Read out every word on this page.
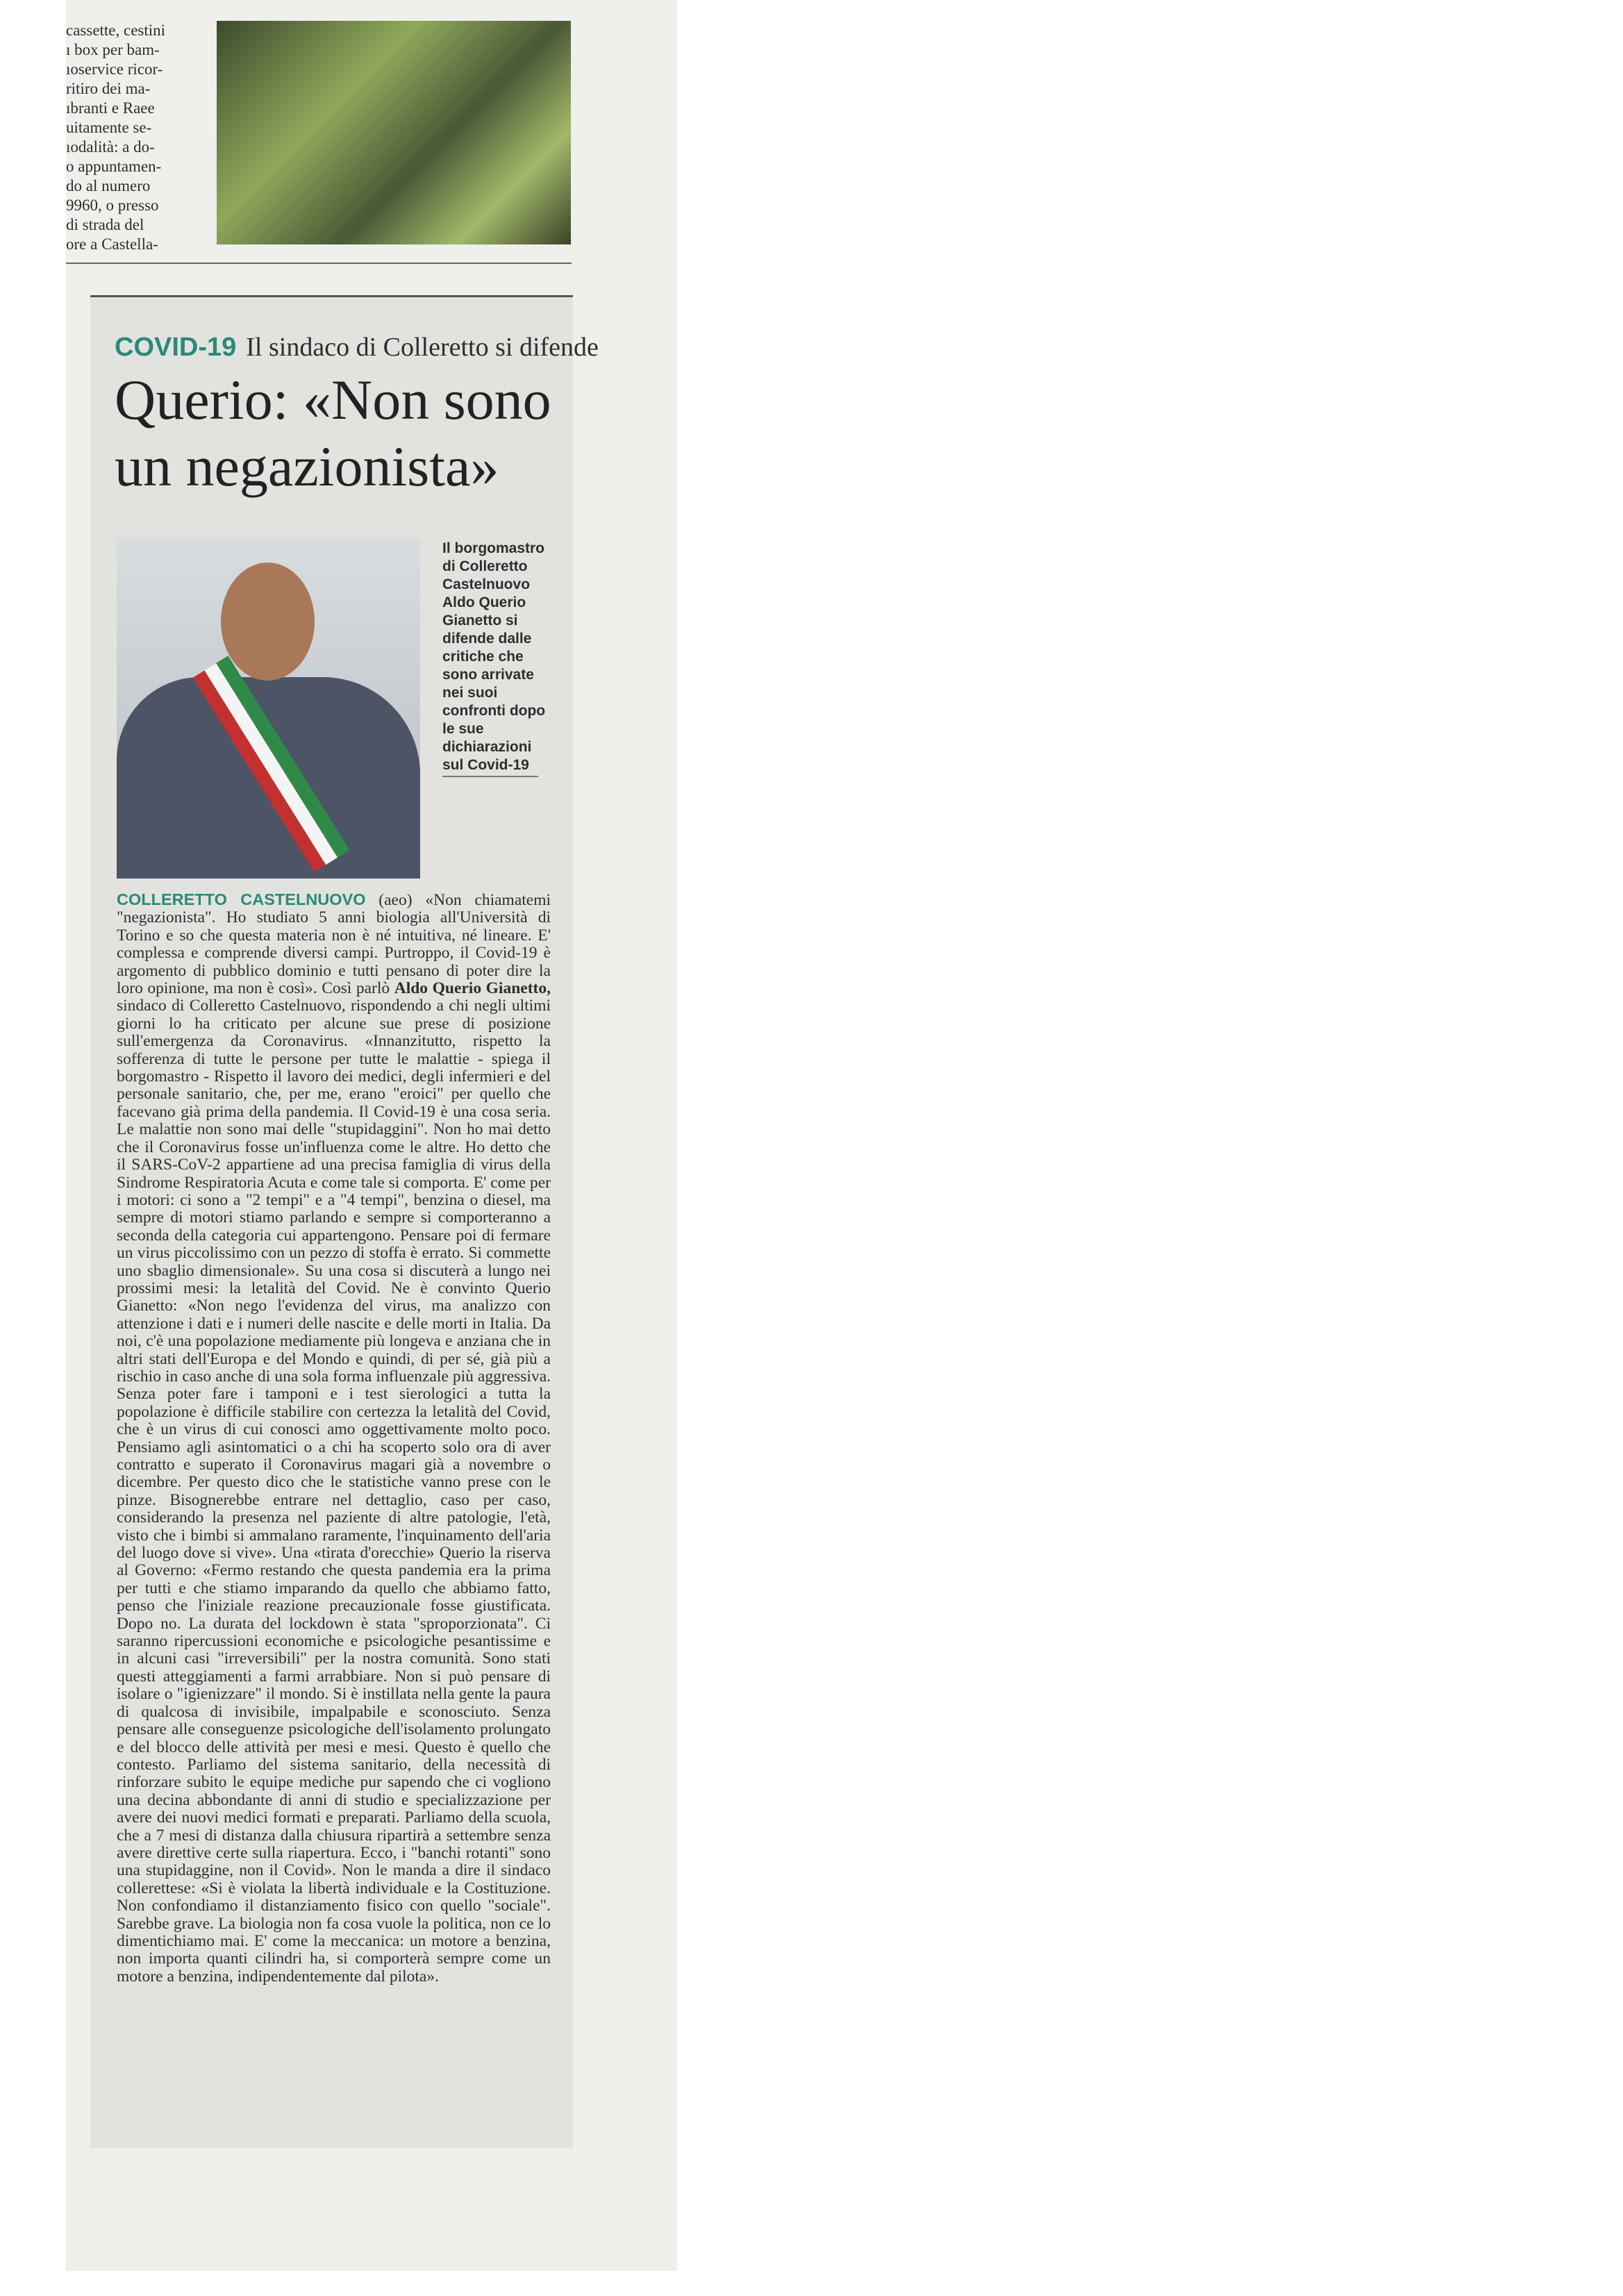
cassette, cestini
ı box per bam-
ıoservice ricor-
ritiro dei ma-
ıbranti e Raee
uitamente se-
ıodalità: a do-
o appuntamen-
do al numero
9960, o presso
di strada del
ore a Castella-
COVID-19 Il sindaco di Colleretto si difende
Querio: «Non sono un negazionista»
Il borgomastro di Colleretto Castelnuovo Aldo Querio Gianetto si difende dalle critiche che sono arrivate nei suoi confronti dopo le sue dichiarazioni sul Covid-19
COLLERETTO CASTELNUOVO (aeo) «Non chiamatemi "negazionista". Ho studiato 5 anni biologia all'Università di Torino e so che questa materia non è né intuitiva, né lineare. E' complessa e comprende diversi campi. Purtroppo, il Covid-19 è argomento di pubblico dominio e tutti pensano di poter dire la loro opinione, ma non è così». Così parlò Aldo Querio Gianetto, sindaco di Colleretto Castelnuovo, rispondendo a chi negli ultimi giorni lo ha criticato per alcune sue prese di posizione sull'emergenza da Coronavirus. «Innanzitutto, rispetto la sofferenza di tutte le persone per tutte le malattie - spiega il borgomastro - Rispetto il lavoro dei medici, degli infermieri e del personale sanitario, che, per me, erano "eroici" per quello che facevano già prima della pandemia. Il Covid-19 è una cosa seria. Le malattie non sono mai delle "stupidaggini". Non ho mai detto che il Coronavirus fosse un'influenza come le altre. Ho detto che il SARS-CoV-2 appartiene ad una precisa famiglia di virus della Sindrome Respiratoria Acuta e come tale si comporta. E' come per i motori: ci sono a "2 tempi" e a "4 tempi", benzina o diesel, ma sempre di motori stiamo parlando e sempre si comporteranno a seconda della categoria cui appartengono. Pensare poi di fermare un virus piccolissimo con un pezzo di stoffa è errato. Si commette uno sbaglio dimensionale». Su una cosa si discuterà a lungo nei prossimi mesi: la letalità del Covid. Ne è convinto Querio Gianetto: «Non nego l'evidenza del virus, ma analizzo con attenzione i dati e i numeri delle nascite e delle morti in Italia. Da noi, c'è una popolazione mediamente più longeva e anziana che in altri stati dell'Europa e del Mondo e quindi, di per sé, già più a rischio in caso anche di una sola forma influenzale più aggressiva. Senza poter fare i tamponi e i test sierologici a tutta la popolazione è difficile stabilire con certezza la letalità del Covid, che è un virus di cui conosci amo oggettivamente molto poco. Pensiamo agli asintomatici o a chi ha scoperto solo ora di aver contratto e superato il Coronavirus magari già a novembre o dicembre. Per questo dico che le statistiche vanno prese con le pinze. Bisognerebbe entrare nel dettaglio, caso per caso, considerando la presenza nel paziente di altre patologie, l'età, visto che i bimbi si ammalano raramente, l'inquinamento dell'aria del luogo dove si vive». Una «tirata d'orecchie» Querio la riserva al Governo: «Fermo restando che questa pandemia era la prima per tutti e che stiamo imparando da quello che abbiamo fatto, penso che l'iniziale reazione precauzionale fosse giustificata. Dopo no. La durata del lockdown è stata "sproporzionata". Ci saranno ripercussioni economiche e psicologiche pesantissime e in alcuni casi "irreversibili" per la nostra comunità. Sono stati questi atteggiamenti a farmi arrabbiare. Non si può pensare di isolare o "igienizzare" il mondo. Si è instillata nella gente la paura di qualcosa di invisibile, impalpabile e sconosciuto. Senza pensare alle conseguenze psicologiche dell'isolamento prolungato e del blocco delle attività per mesi e mesi. Questo è quello che contesto. Parliamo del sistema sanitario, della necessità di rinforzare subito le equipe mediche pur sapendo che ci vogliono una decina abbondante di anni di studio e specializzazione per avere dei nuovi medici formati e preparati. Parliamo della scuola, che a 7 mesi di distanza dalla chiusura ripartirà a settembre senza avere direttive certe sulla riapertura. Ecco, i "banchi rotanti" sono una stupidaggine, non il Covid». Non le manda a dire il sindaco collerettese: «Si è violata la libertà individuale e la Costituzione. Non confondiamo il distanziamento fisico con quello "sociale". Sarebbe grave. La biologia non fa cosa vuole la politica, non ce lo dimentichiamo mai. E' come la meccanica: un motore a benzina, non importa quanti cilindri ha, si comporterà sempre come un motore a benzina, indipendentemente dal pilota».
